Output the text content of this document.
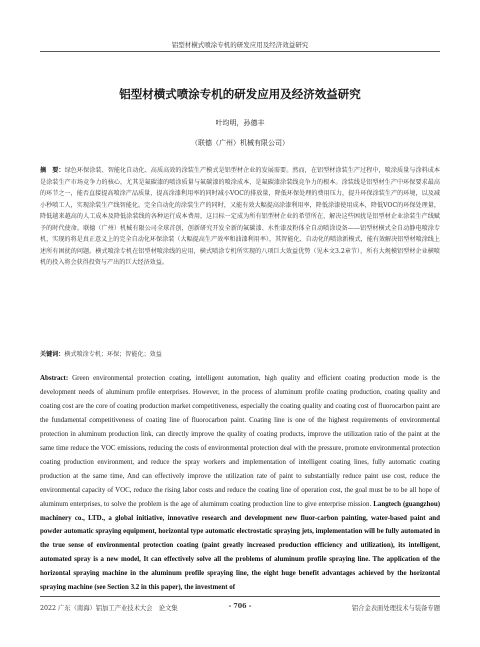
铝型材横式喷涂专机的研发应用及经济效益研究
铝型材横式喷涂专机的研发应用及经济效益研究
叶均明，孙德丰
（联德（广州）机械有限公司）
摘　要：绿色环保涂装、智能化自动化、高质高效的涂装生产模式是铝型材企业的发展需要。然而，在铝型材涂装生产过程中，喷涂质量与涂料成本是涂装生产市场竞争力的核心，尤其是氟碳漆的喷涂质量与氟碳漆的喷涂成本，是氟碳漆涂装线竞争力的根本。涂装线是铝型材生产中环保要求最高的环节之一，能否直接提高喷涂产品质量，提高涂漆利用率的同时减小VOC的排放量，降低环保处理的费用压力，提升环保涂装生产的环境，以及减小秒喷工人，实现涂装生产线智能化。完全自动化的涂装生产的同时，又能有效大幅提高涂漆利用率，降低涂漆使用成本，降低VOC的环保处理量，降低越来越高的人工成本及降低涂装线的各种运行成本费用，这目标一定成为所有铝型材企业的希望所在，解决这些困扰是铝型材企业涂装生产线赋予的时代使命。联德（广州）机械有限公司全球首创，创新研究开发全新的氟碳漆、水性漆及粉体全自动喷涂设备——铝型材横式全自动静电喷涂专机，实现的将是真正意义上的完全自动化环保涂装（大幅提高生产效率和油漆利用率），其智能化、自动化的喷涂新模式，能有效解决铝型材喷涂线上述所有困扰的问题。横式喷涂专机在铝型材喷涂线的应用，横式喷涂专机所实现的八项巨大效益优势（见本文3.2章节），所有大规模铝型材企业横喷机的投入将会获得投资与产出的巨大经济效益。
关键词：横式喷涂专机；环保；智能化；效益
Abstract: Green environmental protection coating, intelligent automation, high quality and efficient coating production mode is the development needs of aluminum profile enterprises. However, in the process of aluminum profile coating production, coating quality and coating cost are the core of coating production market competitiveness, especially the coating quality and coating cost of fluorocarbon paint are the fundamental competitiveness of coating line of fluorocarbon paint. Coating line is one of the highest requirements of environmental protection in aluminum production link, can directly improve the quality of coating products, improve the utilization ratio of the paint at the same time reduce the VOC emissions, reducing the costs of environmental protection deal with the pressure, promote environmental protection coating production environment, and reduce the spray workers and implementation of intelligent coating lines, fully automatic coating production at the same time, And can effectively improve the utilization rate of paint to substantially reduce paint use cost, reduce the environmental capacity of VOC, reduce the rising labor costs and reduce the coating line of operation cost, the goal must be to be all hope of aluminum enterprises, to solve the problem is the age of aluminum coating production line to give enterprise mission. Langtech (guangzhou) machinery co., LTD., a global initiative, innovative research and development new fluor-carbon painting, water-based paint and powder automatic spraying equipment, horizontal type automatic electrostatic spraying jets, implementation will be fully automated in the true sense of environmental protection coating (paint greatly increased production efficiency and utilization), its intelligent, automated spray is a new model, It can effectively solve all the problems of aluminum profile spraying line. The application of the horizontal spraying machine in the aluminum profile spraying line, the eight huge benefit advantages achieved by the horizontal spraying machine (see Section 3.2 in this paper), the investment of
2022 广东（南海）铝加工产业技术大会　论文集	- 706 -	铝合金表面处理技术与装备专题
